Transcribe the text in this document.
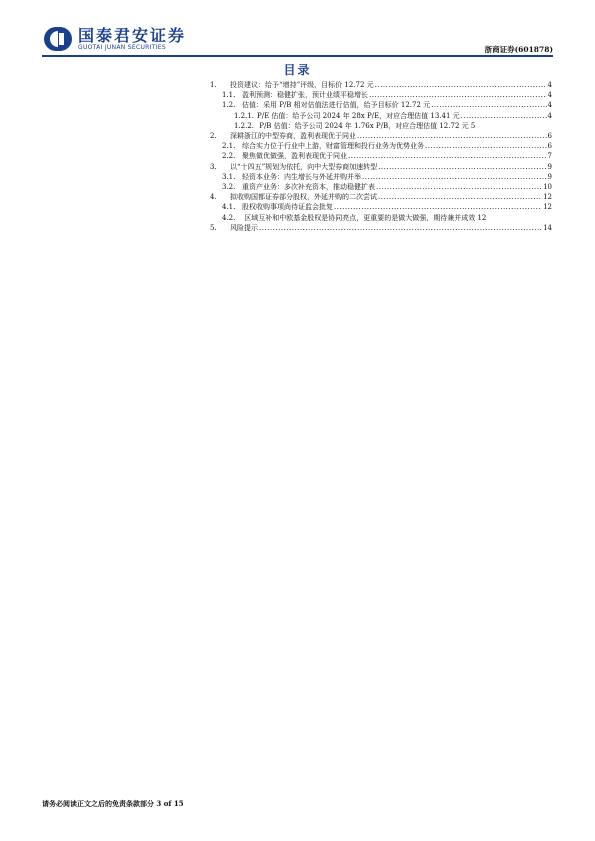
国泰君安证券
GUOTAI JUNAN SECURITIES	浙商证券(601878)
目录
1.	投资建议：给予“增持”评级，目标价 12.72 元 .....	4
1.1. 盈利预测：稳健扩张，预计业绩平稳增长 .....	4
1.2. 估值：采用 P/B 相对估值法进行估值，给予目标价 12.72 元 .....	4
1.2.1. P/E 估值：给予公司 2024 年 28x P/E，对应合理估值 13.41 元 .....	4
1.2.2. P/B 估值：给予公司 2024 年 1.76x P/B，对应合理估值 12.72 元 5
2.	深耕浙江的中型券商，盈利表现优于同业 .....	6
2.1. 综合实力位于行业中上游，财富管理和投行业务为优势业务 .....	6
2.2. 聚焦做优做强，盈利表现优于同业 .....	7
3.	以“十四五”规划为依托，向中大型券商加速转型 .....	9
3.1. 轻资本业务：内生增长与外延并购并举 .....	9
3.2. 重资产业务：多次补充资本，推动稳健扩表 .....	10
4.	拟收购国都证券部分股权，外延并购的二次尝试 .....	12
4.1. 股权收购事项尚待证监会批复 .....	12
4.2. 区域互补和中欧基金股权是协同亮点，更重要的是做大做强，期待兼并成效 12
5.	风险提示 .....	14
请务必阅读正文之后的免责条款部分 3 of 15
